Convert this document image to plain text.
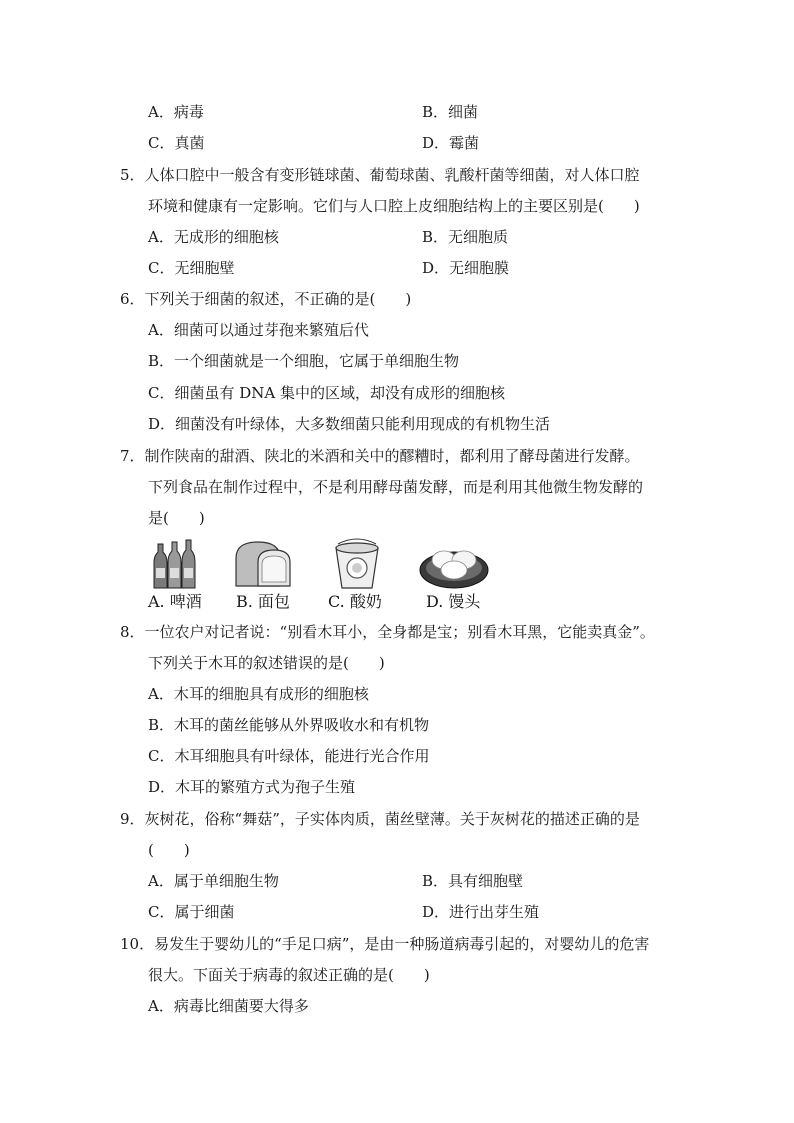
A．病毒	B．细菌
C．真菌	D．霉菌
5．人体口腔中一般含有变形链球菌、葡萄球菌、乳酸杆菌等细菌，对人体口腔
环境和健康有一定影响。它们与人口腔上皮细胞结构上的主要区别是(　　)
A．无成形的细胞核	B．无细胞质
C．无细胞壁	D．无细胞膜
6．下列关于细菌的叙述，不正确的是(　　)
A．细菌可以通过芽孢来繁殖后代
B．一个细菌就是一个细胞，它属于单细胞生物
C．细菌虽有 DNA 集中的区域，却没有成形的细胞核
D．细菌没有叶绿体，大多数细菌只能利用现成的有机物生活
7．制作陕南的甜酒、陕北的米酒和关中的醪糟时，都利用了酵母菌进行发酵。
下列食品在制作过程中，不是利用酵母菌发酵，而是利用其他微生物发酵的
是(　　)
A. 啤酒 B. 面包 C. 酸奶	D. 馒头
8．一位农户对记者说：“别看木耳小，全身都是宝；别看木耳黑，它能卖真金”。
下列关于木耳的叙述错误的是(　　)
A．木耳的细胞具有成形的细胞核
B．木耳的菌丝能够从外界吸收水和有机物
C．木耳细胞具有叶绿体，能进行光合作用
D．木耳的繁殖方式为孢子生殖
9．灰树花，俗称“舞菇”，子实体肉质，菌丝壁薄。关于灰树花的描述正确的是
(　　)
A．属于单细胞生物	B．具有细胞壁
C．属于细菌	D．进行出芽生殖
10．易发生于婴幼儿的“手足口病”，是由一种肠道病毒引起的，对婴幼儿的危害
很大。下面关于病毒的叙述正确的是(　　)
A．病毒比细菌要大得多
